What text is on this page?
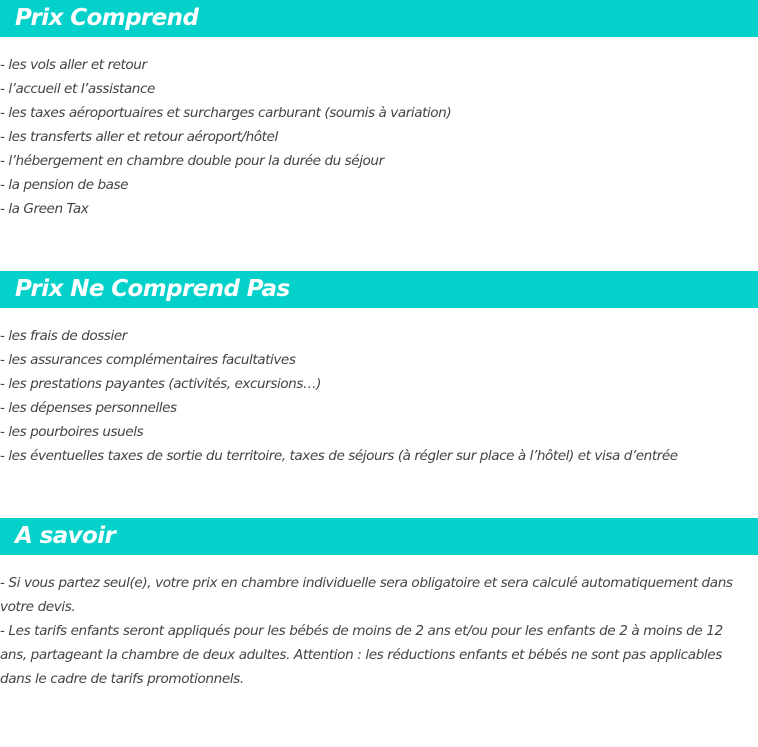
Prix Comprend
- les vols aller et retour
- l’accueil et l’assistance
- les taxes aéroportuaires et surcharges carburant (soumis à variation)
- les transferts aller et retour aéroport/hôtel
- l’hébergement en chambre double pour la durée du séjour
- la pension de base
- la Green Tax
Prix Ne Comprend Pas
- les frais de dossier
- les assurances complémentaires facultatives
- les prestations payantes (activités, excursions…)
- les dépenses personnelles
- les pourboires usuels
- les éventuelles taxes de sortie du territoire, taxes de séjours (à régler sur place à l’hôtel) et visa d’entrée
A savoir

- Si vous partez seul(e), votre prix en chambre individuelle sera obligatoire et sera calculé automatiquement dans votre devis.

- Les tarifs enfants seront appliqués pour les bébés de moins de 2 ans et/ou pour les enfants de 2 à moins de 12 ans, partageant la chambre de deux adultes. Attention : les réductions enfants et bébés ne sont pas applicables dans le cadre de tarifs promotionnels.
